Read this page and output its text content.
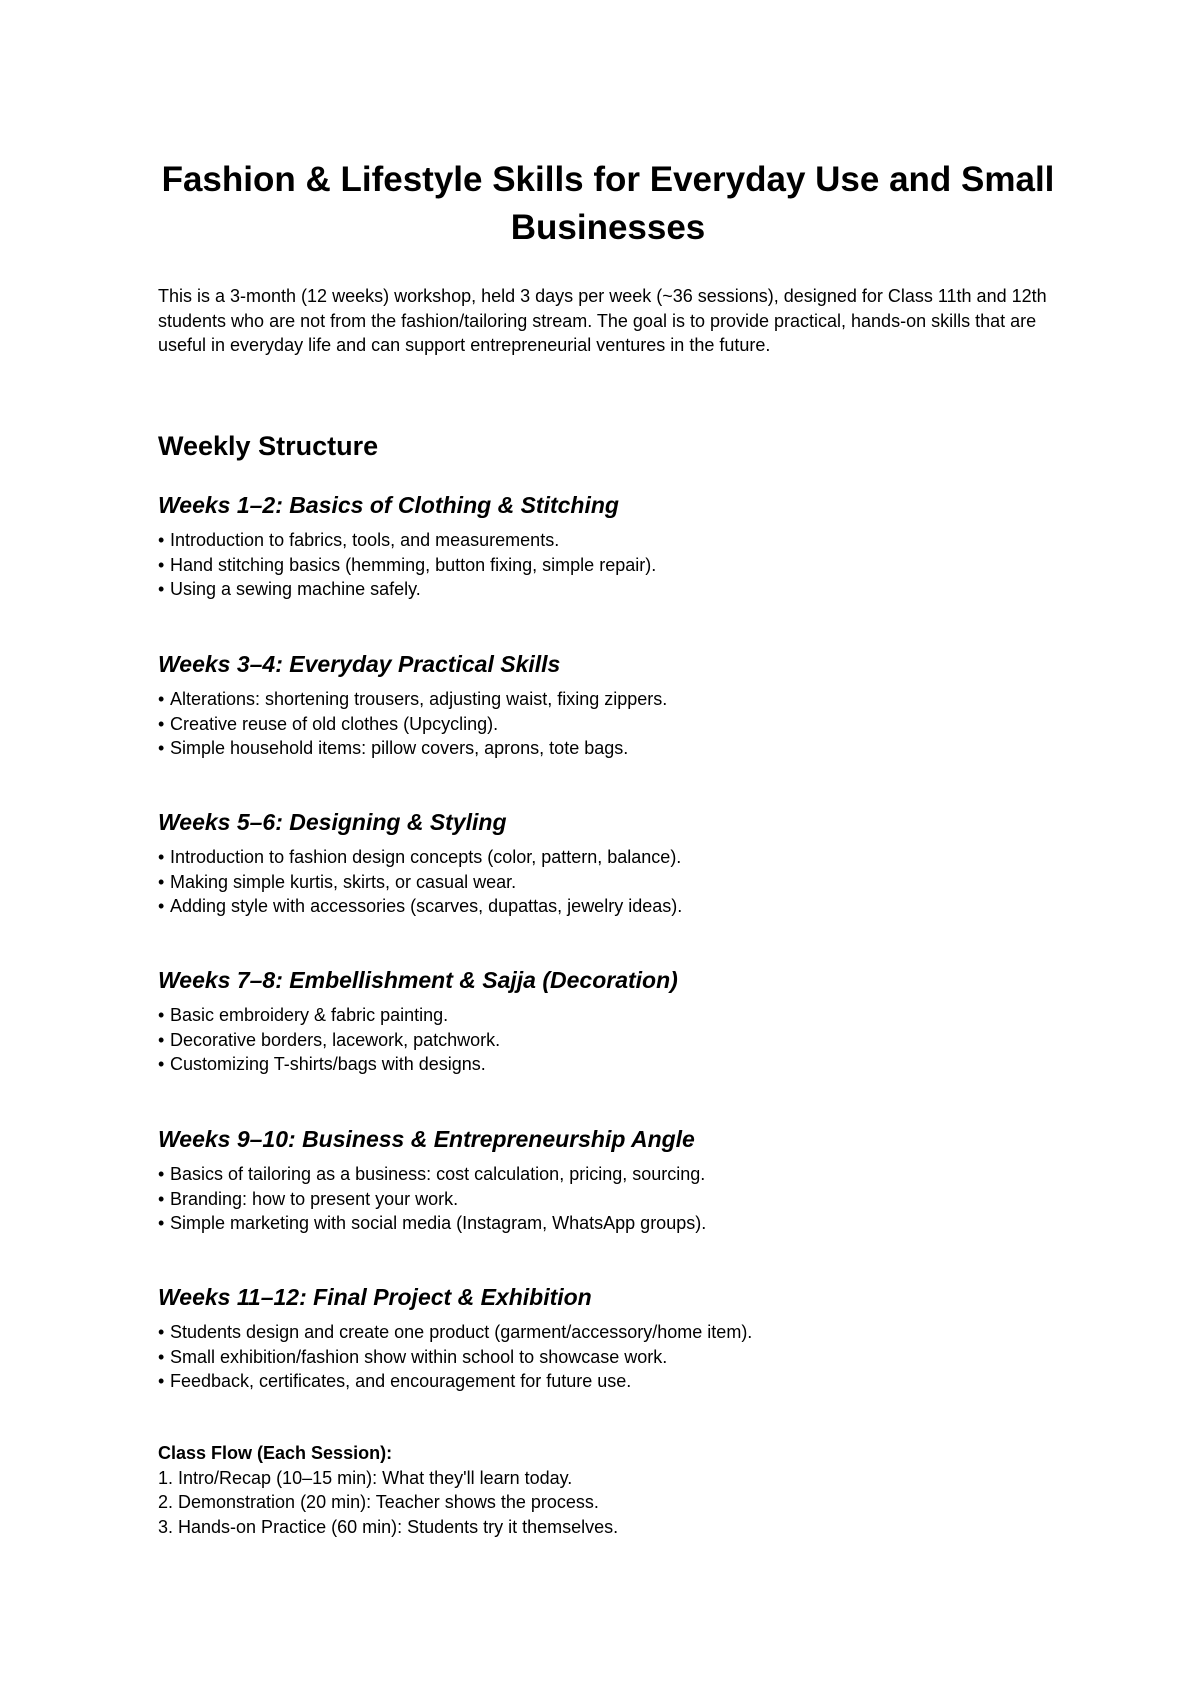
Fashion & Lifestyle Skills for Everyday Use and Small Businesses

This is a 3-month (12 weeks) workshop, held 3 days per week (~36 sessions), designed for Class 11th and 12th students who are not from the fashion/tailoring stream. The goal is to provide practical, hands-on skills that are useful in everyday life and can support entrepreneurial ventures in the future.

Weekly Structure
Weeks 1–2: Basics of Clothing & Stitching
• Introduction to fabrics, tools, and measurements.
• Hand stitching basics (hemming, button fixing, simple repair).
• Using a sewing machine safely.
Weeks 3–4: Everyday Practical Skills
• Alterations: shortening trousers, adjusting waist, fixing zippers.
• Creative reuse of old clothes (Upcycling).
• Simple household items: pillow covers, aprons, tote bags.
Weeks 5–6: Designing & Styling
• Introduction to fashion design concepts (color, pattern, balance).
• Making simple kurtis, skirts, or casual wear.
• Adding style with accessories (scarves, dupattas, jewelry ideas).
Weeks 7–8: Embellishment & Sajja (Decoration)
• Basic embroidery & fabric painting.
• Decorative borders, lacework, patchwork.
• Customizing T-shirts/bags with designs.
Weeks 9–10: Business & Entrepreneurship Angle
• Basics of tailoring as a business: cost calculation, pricing, sourcing.
• Branding: how to present your work.
• Simple marketing with social media (Instagram, WhatsApp groups).
Weeks 11–12: Final Project & Exhibition
• Students design and create one product (garment/accessory/home item).
• Small exhibition/fashion show within school to showcase work.
• Feedback, certificates, and encouragement for future use.
Class Flow (Each Session):
1. Intro/Recap (10–15 min): What they'll learn today.
2. Demonstration (20 min): Teacher shows the process.
3. Hands-on Practice (60 min): Students try it themselves.
